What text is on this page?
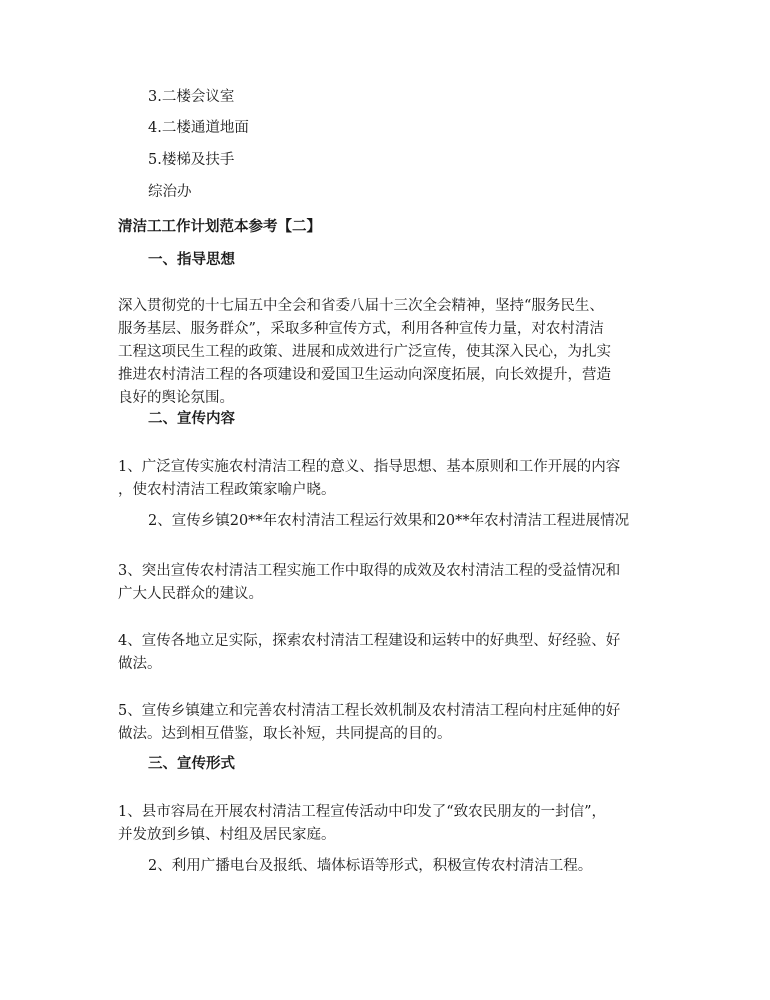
3.二楼会议室

4.二楼通道地面

5.楼梯及扶手

综治办

清洁工工作计划范本参考【二】

一、指导思想

深入贯彻党的十七届五中全会和省委八届十三次全会精神，坚持“服务民生、

服务基层、服务群众”，采取多种宣传方式，利用各种宣传力量，对农村清洁

工程这项民生工程的政策、进展和成效进行广泛宣传，使其深入民心，为扎实

推进农村清洁工程的各项建设和爱国卫生运动向深度拓展，向长效提升，营造

良好的舆论氛围。

二、宣传内容

1、广泛宣传实施农村清洁工程的意义、指导思想、基本原则和工作开展的内容

，使农村清洁工程政策家喻户晓。

2、宣传乡镇20**年农村清洁工程运行效果和20**年农村清洁工程进展情况

3、突出宣传农村清洁工程实施工作中取得的成效及农村清洁工程的受益情况和

广大人民群众的建议。

4、宣传各地立足实际，探索农村清洁工程建设和运转中的好典型、好经验、好

做法。

5、宣传乡镇建立和完善农村清洁工程长效机制及农村清洁工程向村庄延伸的好

做法。达到相互借鉴，取长补短，共同提高的目的。

三、宣传形式

1、县市容局在开展农村清洁工程宣传活动中印发了“致农民朋友的一封信”，

并发放到乡镇、村组及居民家庭。

2、利用广播电台及报纸、墙体标语等形式，积极宣传农村清洁工程。
